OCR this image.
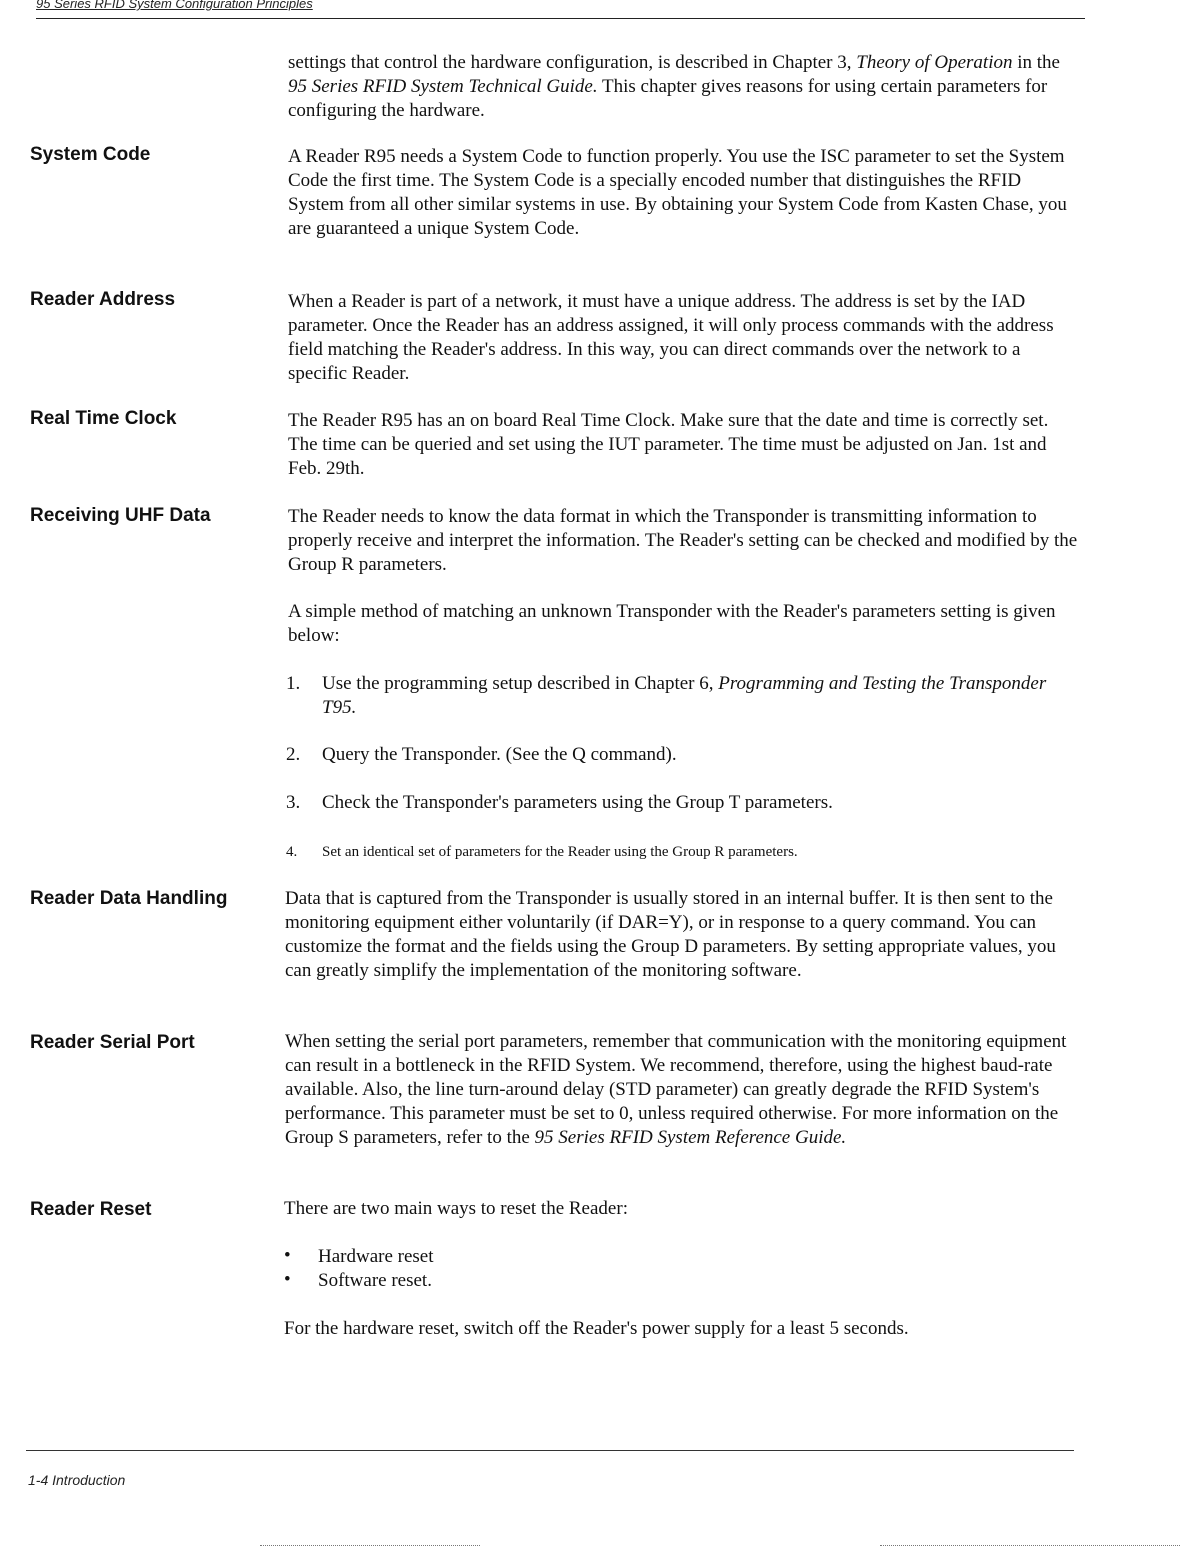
95 Series RFID System Configuration Principles
settings that control the hardware configuration, is described in Chapter 3, Theory of Operation in the 95 Series RFID System Technical Guide. This chapter gives reasons for using certain parameters for configuring the hardware.
System Code	A Reader R95 needs a System Code to function properly. You use the ISC parameter to set the System Code the first time. The System Code is a specially encoded number that distinguishes the RFID System from all other similar systems in use. By obtaining your System Code from Kasten Chase, you are guaranteed a unique System Code.
Reader Address	When a Reader is part of a network, it must have a unique address. The address is set by the IAD parameter. Once the Reader has an address assigned, it will only process commands with the address field matching the Reader's address. In this way, you can direct commands over the network to a specific Reader.
Real Time Clock	The Reader R95 has an on board Real Time Clock. Make sure that the date and time is correctly set. The time can be queried and set using the IUT parameter. The time must be adjusted on Jan. 1st and Feb. 29th.
Receiving UHF Data	The Reader needs to know the data format in which the Transponder is transmitting information to properly receive and interpret the information. The Reader's setting can be checked and modified by the Group R parameters.
A simple method of matching an unknown Transponder with the Reader's parameters setting is given below:
1. Use the programming setup described in Chapter 6, Programming and Testing the Transponder T95.
2. Query the Transponder. (See the Q command).
3. Check the Transponder's parameters using the Group T parameters.
4. Set an identical set of parameters for the Reader using the Group R parameters.
Reader Data Handling	Data that is captured from the Transponder is usually stored in an internal buffer. It is then sent to the monitoring equipment either voluntarily (if DAR=Y), or in response to a query command. You can customize the format and the fields using the Group D parameters. By setting appropriate values, you can greatly simplify the implementation of the monitoring software.
Reader Serial Port	When setting the serial port parameters, remember that communication with the monitoring equipment can result in a bottleneck in the RFID System. We recommend, therefore, using the highest baud-rate available. Also, the line turn-around delay (STD parameter) can greatly degrade the RFID System's performance. This parameter must be set to 0, unless required otherwise. For more information on the Group S parameters, refer to the 95 Series RFID System Reference Guide.
Reader Reset	There are two main ways to reset the Reader:
• Hardware reset
• Software reset.
For the hardware reset, switch off the Reader's power supply for a least 5 seconds.
1-4 Introduction
